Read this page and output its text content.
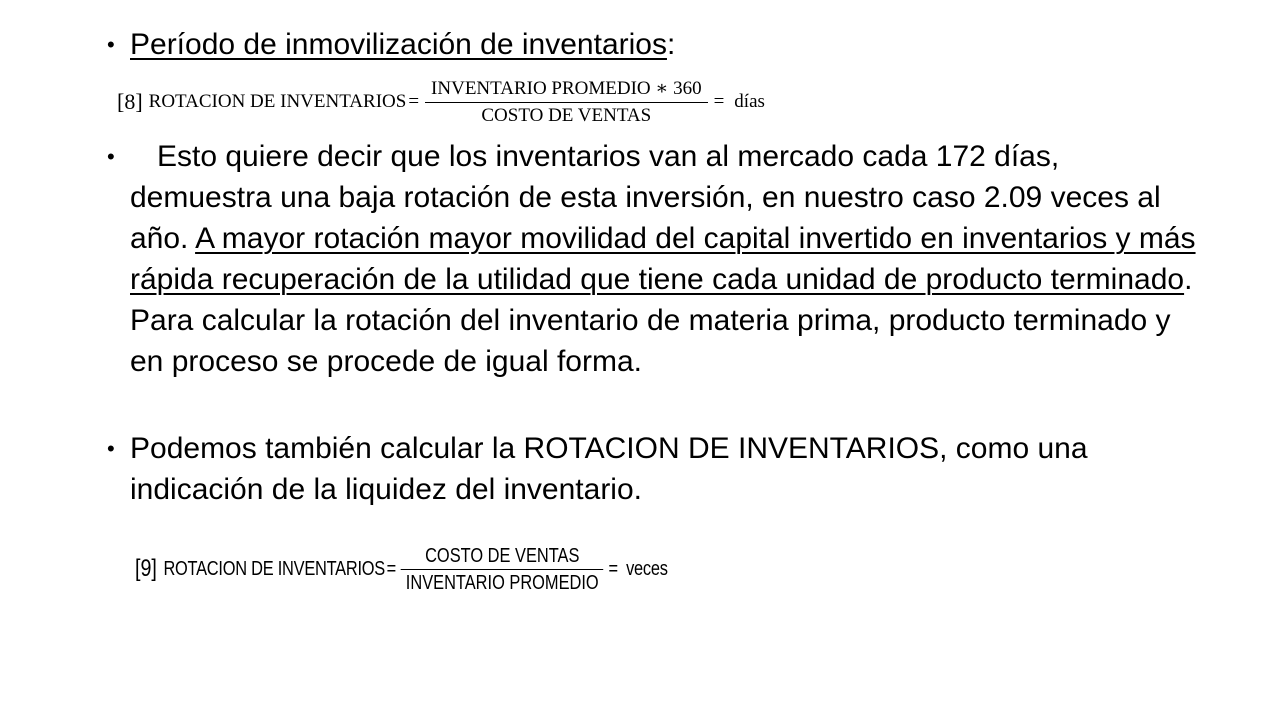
• Período de inmovilización de inventarios:
[8] ROTACION DE INVENTARIOS = $\frac{\text{INVENTARIO PROMEDIO ∗ 360}}{\text{COSTO DE VENTAS}}$ = días
•	Esto quiere decir que los inventarios van al mercado cada 172 días, demuestra una baja rotación de esta inversión, en nuestro caso 2.09 veces al año. A mayor rotación mayor movilidad del capital invertido en inventarios y más rápida recuperación de la utilidad que tiene cada unidad de producto terminado. Para calcular la rotación del inventario de materia prima, producto terminado y en proceso se procede de igual forma.
• Podemos también calcular la ROTACION DE INVENTARIOS, como una indicación de la liquidez del inventario.
[9] ROTACION DE INVENTARIOS = $\frac{\text{COSTO DE VENTAS}}{\text{INVENTARIO PROMEDIO}}$ = veces
